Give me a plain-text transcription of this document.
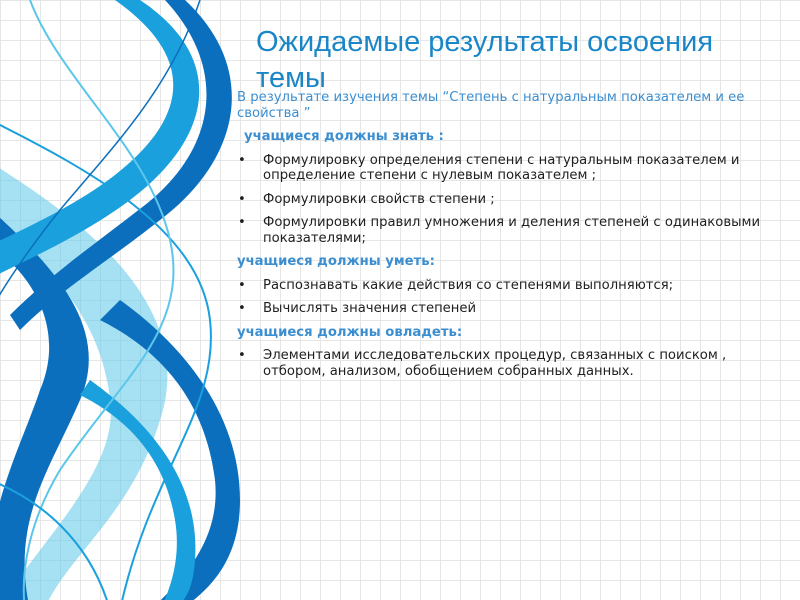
Ожидаемые результаты освоения темы

В результате изучения темы “Степень с натуральным показателем и ее свойства ”

учащиеся должны знать :

• Формулировку определения степени с натуральным показателем и определение степени с нулевым показателем ;
• Формулировки свойств степени ;
• Формулировки правил умножения и деления степеней с одинаковыми показателями;

учащиеся должны уметь:

• Распознавать какие действия со степенями выполняются;
• Вычислять значения степеней

учащиеся должны овладеть:

• Элементами исследовательских процедур, связанных с поиском , отбором, анализом, обобщением собранных данных.
